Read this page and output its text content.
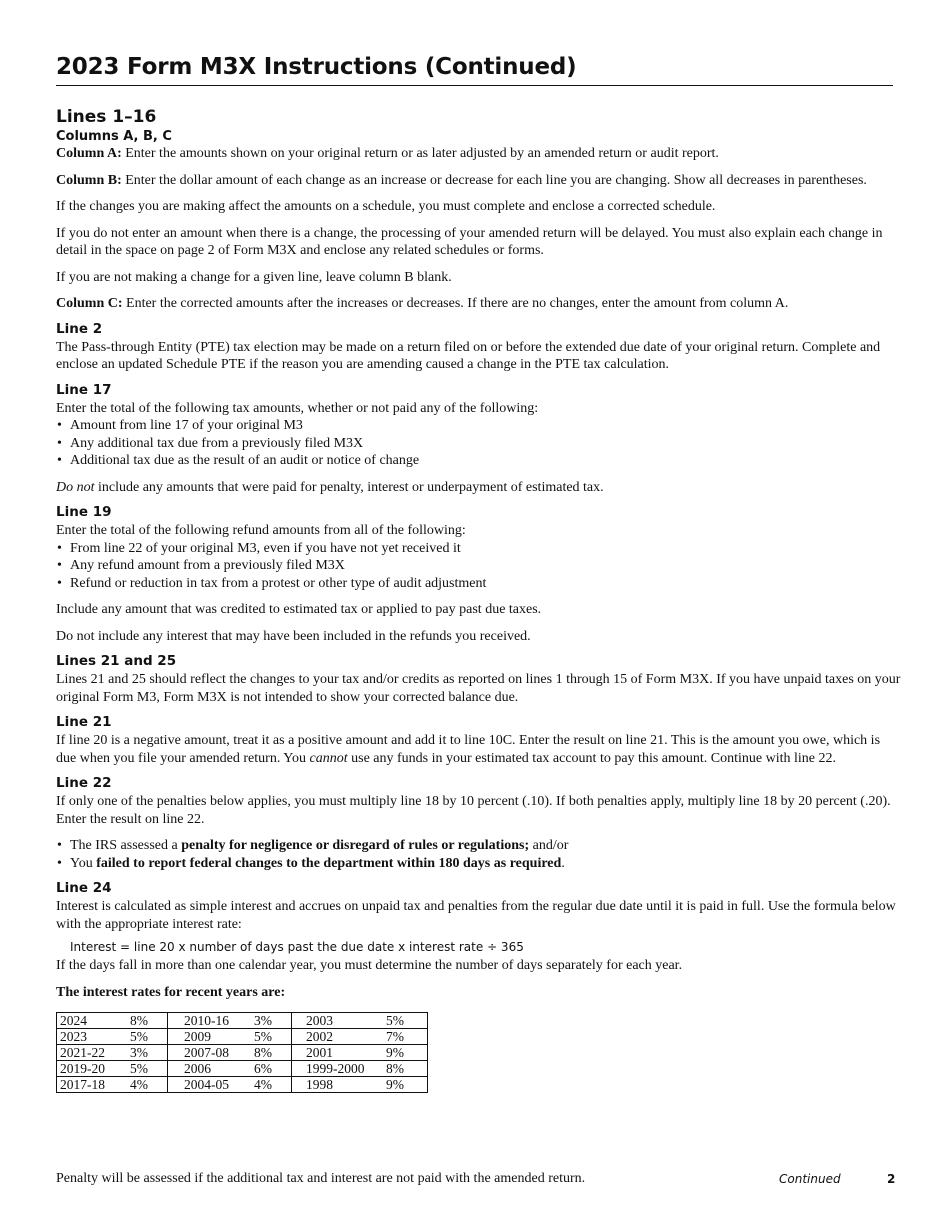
2023 Form M3X Instructions (Continued)
Lines 1–16
Columns A, B, C

Column A: Enter the amounts shown on your original return or as later adjusted by an amended return or audit report.

Column B: Enter the dollar amount of each change as an increase or decrease for each line you are changing. Show all decreases in parentheses.

If the changes you are making affect the amounts on a schedule, you must complete and enclose a corrected schedule.

If you do not enter an amount when there is a change, the processing of your amended return will be delayed. You must also explain each change in detail in the space on page 2 of Form M3X and enclose any related schedules or forms.

If you are not making a change for a given line, leave column B blank.

Column C: Enter the corrected amounts after the increases or decreases. If there are no changes, enter the amount from column A.

Line 2

The Pass-through Entity (PTE) tax election may be made on a return filed on or before the extended due date of your original return. Complete and enclose an updated Schedule PTE if the reason you are amending caused a change in the PTE tax calculation.

Line 17

Enter the total of the following tax amounts, whether or not paid any of the following:

• Amount from line 17 of your original M3
• Any additional tax due from a previously filed M3X
• Additional tax due as the result of an audit or notice of change

Do not include any amounts that were paid for penalty, interest or underpayment of estimated tax.

Line 19

Enter the total of the following refund amounts from all of the following:

• From line 22 of your original M3, even if you have not yet received it
• Any refund amount from a previously filed M3X
• Refund or reduction in tax from a protest or other type of audit adjustment

Include any amount that was credited to estimated tax or applied to pay past due taxes.

Do not include any interest that may have been included in the refunds you received.

Lines 21 and 25

Lines 21 and 25 should reflect the changes to your tax and/or credits as reported on lines 1 through 15 of Form M3X. If you have unpaid taxes on your original Form M3, Form M3X is not intended to show your corrected balance due.

Line 21

If line 20 is a negative amount, treat it as a positive amount and add it to line 10C. Enter the result on line 21. This is the amount you owe, which is due when you file your amended return. You cannot use any funds in your estimated tax account to pay this amount. Continue with line 22.

Line 22

If only one of the penalties below applies, you must multiply line 18 by 10 percent (.10). If both penalties apply, multiply line 18 by 20 percent (.20). Enter the result on line 22.

• The IRS assessed a penalty for negligence or disregard of rules or regulations; and/or
• You failed to report federal changes to the department within 180 days as required.
Line 24

Interest is calculated as simple interest and accrues on unpaid tax and penalties from the regular due date until it is paid in full. Use the formula below with the appropriate interest rate:

Interest = line 20 x number of days past the due date x interest rate ÷ 365

If the days fall in more than one calendar year, you must determine the number of days separately for each year.

The interest rates for recent years are:

2024	8%	2010-16	3%	2003	5%
2023	5%	2009	5%	2002	7%
2021-22	3%	2007-08	8%	2001	9%
2019-20	5%	2006	6%	1999-2000	8%
2017-18	4%	2004-05	4%	1998	9%
Penalty will be assessed if the additional tax and interest are not paid with the amended return.	Continued	2
